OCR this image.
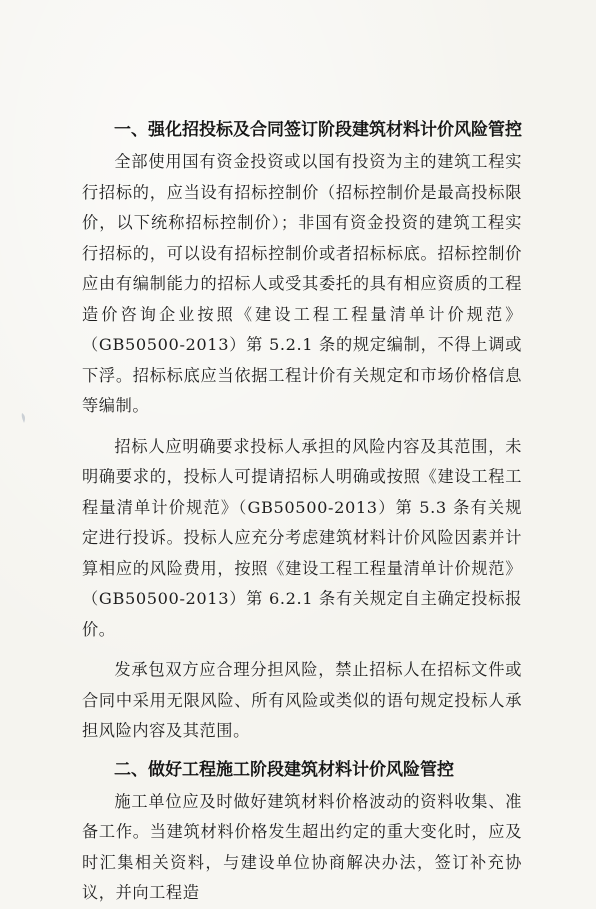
一、强化招投标及合同签订阶段建筑材料计价风险管控

全部使用国有资金投资或以国有投资为主的建筑工程实行招标的，应当设有招标控制价（招标控制价是最高投标限价，以下统称招标控制价）；非国有资金投资的建筑工程实行招标的，可以设有招标控制价或者招标标底。招标控制价应由有编制能力的招标人或受其委托的具有相应资质的工程造价咨询企业按照《建设工程工程量清单计价规范》（GB50500-2013）第 5.2.1 条的规定编制，不得上调或下浮。招标标底应当依据工程计价有关规定和市场价格信息等编制。

招标人应明确要求投标人承担的风险内容及其范围，未明确要求的，投标人可提请招标人明确或按照《建设工程工程量清单计价规范》（GB50500-2013）第 5.3 条有关规定进行投诉。投标人应充分考虑建筑材料计价风险因素并计算相应的风险费用，按照《建设工程工程量清单计价规范》（GB50500-2013）第 6.2.1 条有关规定自主确定投标报价。

发承包双方应合理分担风险，禁止招标人在招标文件或合同中采用无限风险、所有风险或类似的语句规定投标人承担风险内容及其范围。

二、做好工程施工阶段建筑材料计价风险管控

施工单位应及时做好建筑材料价格波动的资料收集、准备工作。当建筑材料价格发生超出约定的重大变化时，应及时汇集相关资料，与建设单位协商解决办法，签订补充协议，并向工程造
